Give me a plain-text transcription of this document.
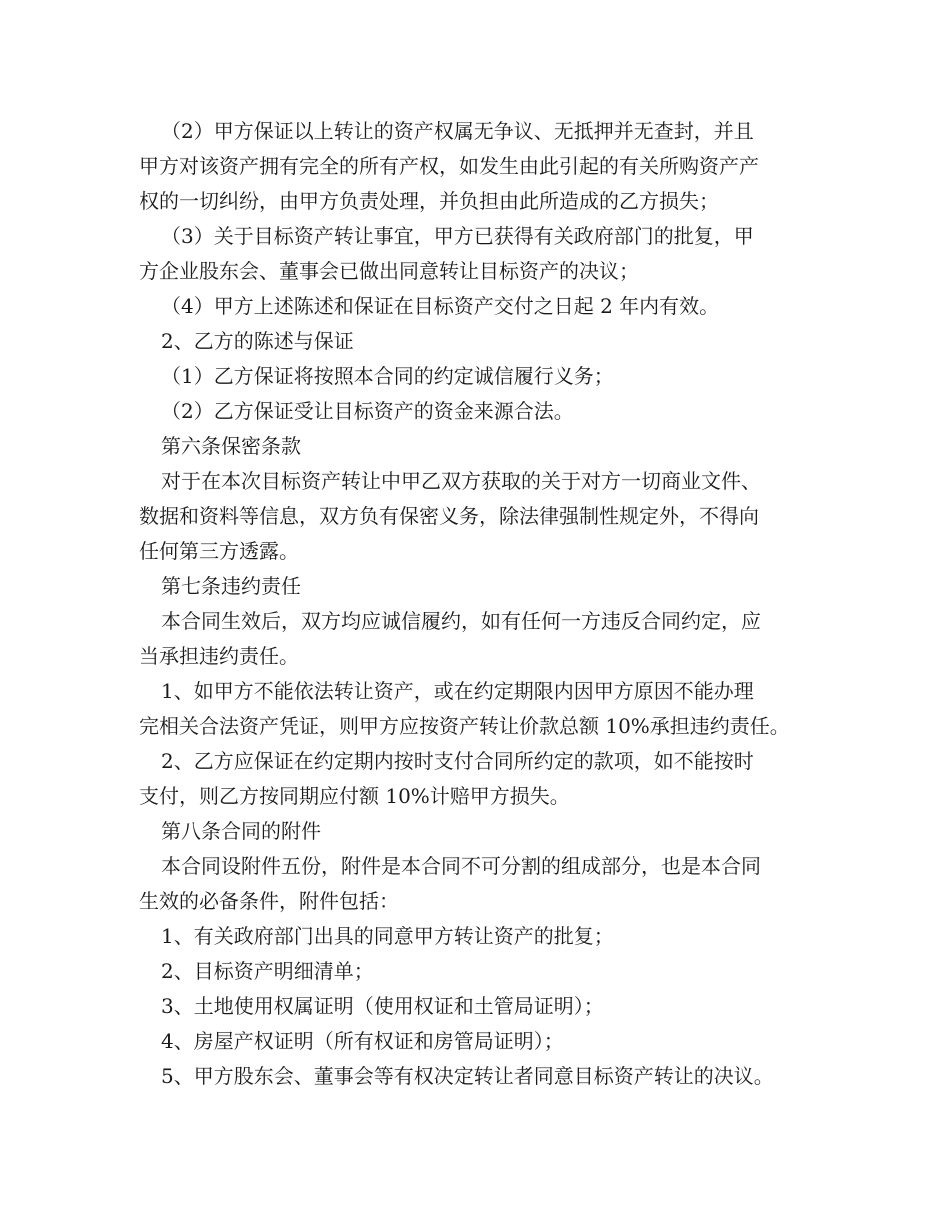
（2）甲方保证以上转让的资产权属无争议、无抵押并无查封，并且
甲方对该资产拥有完全的所有产权，如发生由此引起的有关所购资产产
权的一切纠纷，由甲方负责处理，并负担由此所造成的乙方损失；
（3）关于目标资产转让事宜，甲方已获得有关政府部门的批复，甲
方企业股东会、董事会已做出同意转让目标资产的决议；
（4）甲方上述陈述和保证在目标资产交付之日起 2 年内有效。
2、乙方的陈述与保证
（1）乙方保证将按照本合同的约定诚信履行义务；
（2）乙方保证受让目标资产的资金来源合法。
第六条保密条款
对于在本次目标资产转让中甲乙双方获取的关于对方一切商业文件、
数据和资料等信息，双方负有保密义务，除法律强制性规定外，不得向
任何第三方透露。
第七条违约责任
本合同生效后，双方均应诚信履约，如有任何一方违反合同约定，应
当承担违约责任。
1、如甲方不能依法转让资产，或在约定期限内因甲方原因不能办理
完相关合法资产凭证，则甲方应按资产转让价款总额 10%承担违约责任。
2、乙方应保证在约定期内按时支付合同所约定的款项，如不能按时
支付，则乙方按同期应付额 10%计赔甲方损失。
第八条合同的附件
本合同设附件五份，附件是本合同不可分割的组成部分，也是本合同
生效的必备条件，附件包括：
1、有关政府部门出具的同意甲方转让资产的批复；
2、目标资产明细清单；
3、土地使用权属证明（使用权证和土管局证明）；
4、房屋产权证明（所有权证和房管局证明）；
5、甲方股东会、董事会等有权决定转让者同意目标资产转让的决议。
